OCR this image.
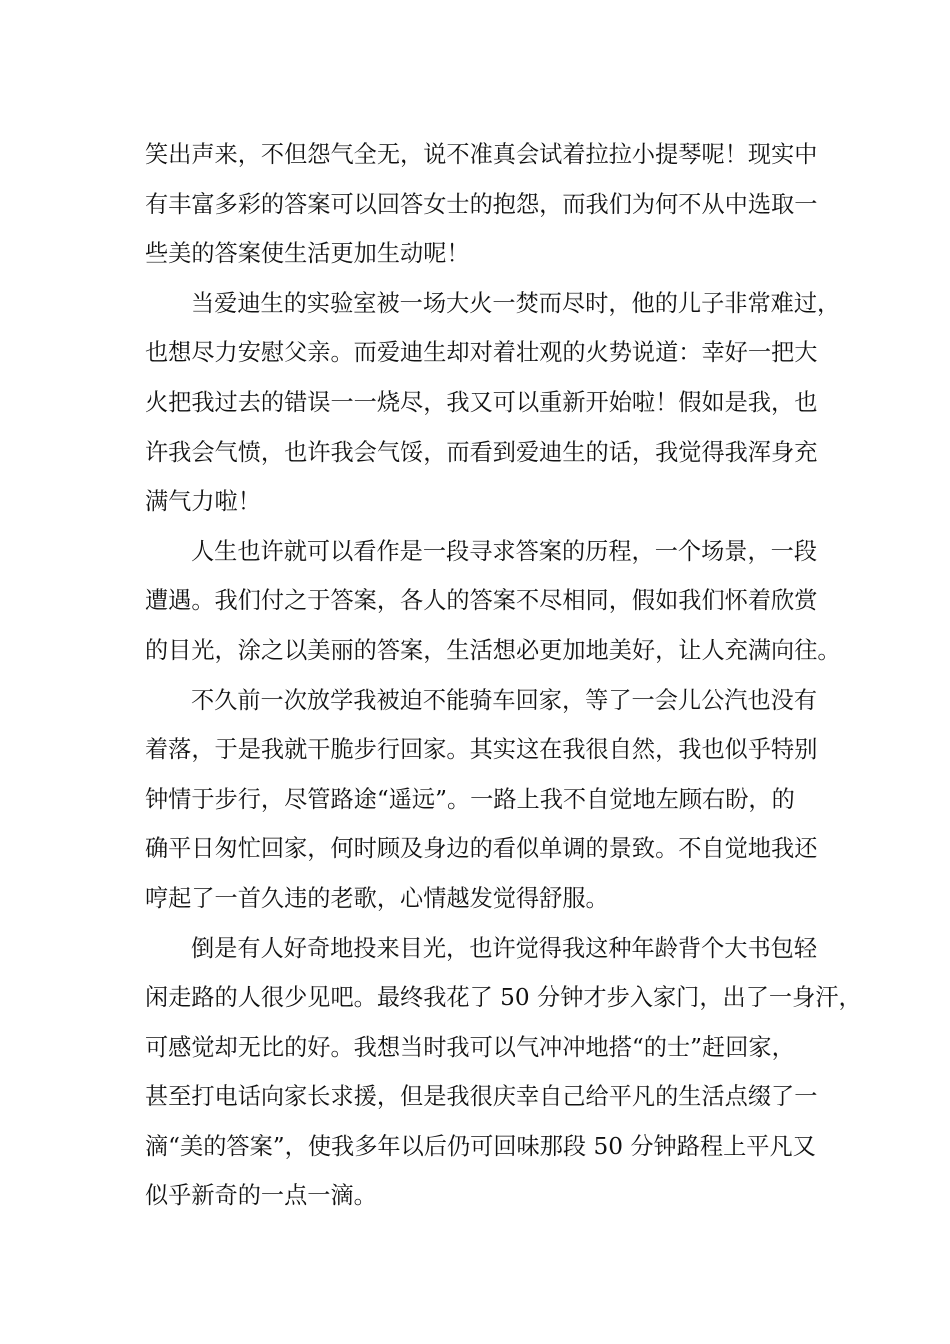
笑出声来，不但怨气全无，说不准真会试着拉拉小提琴呢！现实中
有丰富多彩的答案可以回答女士的抱怨，而我们为何不从中选取一
些美的答案使生活更加生动呢！

当爱迪生的实验室被一场大火一焚而尽时，他的儿子非常难过，
也想尽力安慰父亲。而爱迪生却对着壮观的火势说道：幸好一把大
火把我过去的错误一一烧尽，我又可以重新开始啦！假如是我，也
许我会气愤，也许我会气馁，而看到爱迪生的话，我觉得我浑身充
满气力啦！

人生也许就可以看作是一段寻求答案的历程，一个场景，一段
遭遇。我们付之于答案，各人的答案不尽相同，假如我们怀着欣赏
的目光，涂之以美丽的答案，生活想必更加地美好，让人充满向往。

不久前一次放学我被迫不能骑车回家，等了一会儿公汽也没有
着落，于是我就干脆步行回家。其实这在我很自然，我也似乎特别
钟情于步行，尽管路途“遥远”。一路上我不自觉地左顾右盼，的
确平日匆忙回家，何时顾及身边的看似单调的景致。不自觉地我还
哼起了一首久违的老歌，心情越发觉得舒服。

倒是有人好奇地投来目光，也许觉得我这种年龄背个大书包轻
闲走路的人很少见吧。最终我花了 50 分钟才步入家门，出了一身汗，
可感觉却无比的好。我想当时我可以气冲冲地搭“的士”赶回家，
甚至打电话向家长求援，但是我很庆幸自己给平凡的生活点缀了一
滴“美的答案”，使我多年以后仍可回味那段 50 分钟路程上平凡又
似乎新奇的一点一滴。
